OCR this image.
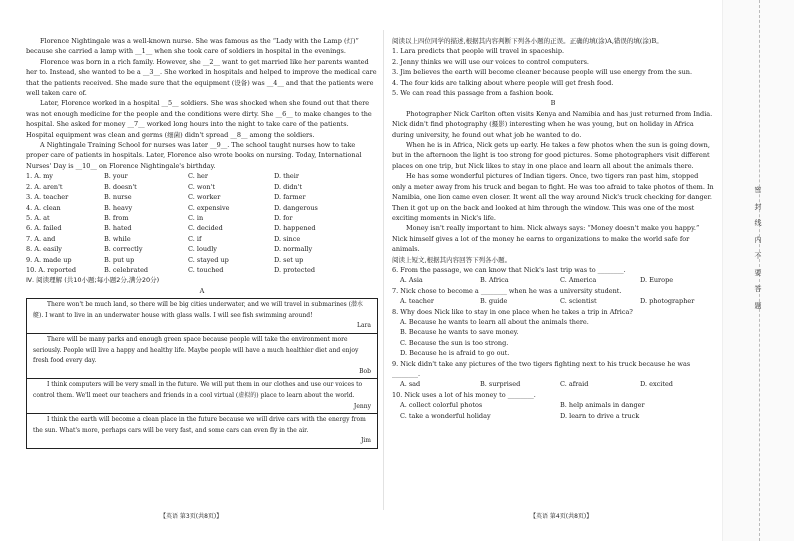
Florence Nightingale was a well-known nurse. She was famous as the “Lady with the Lamp (灯)” because she carried a lamp with __1__ when she took care of soldiers in hospital in the evenings.

Florence was born in a rich family. However, she __2__ want to get married like her parents wanted her to. Instead, she wanted to be a __3__. She worked in hospitals and helped to improve the medical care that the patients received. She made sure that the equipment (设备) was __4__ and that the patients were well taken care of.

Later, Florence worked in a hospital __5__ soldiers. She was shocked when she found out that there was not enough medicine for the people and the conditions were dirty. She __6__ to make changes to the hospital. She asked for money __7__ worked long hours into the night to take care of the patients. Hospital equipment was clean and germs (细菌) didn't spread __8__ among the soldiers.

A Nightingale Training School for nurses was later __9__. The school taught nurses how to take proper care of patients in hospitals. Later, Florence also wrote books on nursing. Today, International Nurses' Day is __10__ on Florence Nightingale's birthday.

1. A. my	B. your	C. her	D. their
2. A. aren't	B. doesn't	C. won't	D. didn't
3. A. teacher	B. nurse	C. worker	D. farmer
4. A. clean	B. heavy	C. expensive	D. dangerous
5. A. at	B. from	C. in	D. for
6. A. failed	B. hated	C. decided	D. happened
7. A. and	B. while	C. if	D. since
8. A. easily	B. correctly	C. loudly	D. normally
9. A. made up	B. put up	C. stayed up	D. set up
10. A. reported	B. celebrated	C. touched	D. protected

Ⅳ. 阅读理解 (共10小题;每小题2分,满分20分)

A

There won't be much land, so there will be big cities underwater, and we will travel in submarines (潜水艇). I want to live in an underwater house with glass walls. I will see fish swimming around!

Lara

There will be many parks and enough green space because people will take the environment more seriously. People will live a happy and healthy life. Maybe people will have a much healthier diet and enjoy fresh food every day.

Bob

I think computers will be very small in the future. We will put them in our clothes and use our voices to control them. We'll meet our teachers and friends in a cool virtual (虚拟的) place to learn about the world.

Jenny

I think the earth will become a clean place in the future because we will drive cars with the energy from the sun. What's more, perhaps cars will be very fast, and some cars can even fly in the air.

Jim

阅读以上四位同学的描述,根据其内容判断下列各小题的正误。正确的填(涂)A,错误的填(涂)B。

1. Lara predicts that people will travel in spaceship.

2. Jenny thinks we will use our voices to control computers.

3. Jim believes the earth will become cleaner because people will use energy from the sun.

4. The four kids are talking about where people will get fresh food.

5. We can read this passage from a fashion book.

B

Photographer Nick Carlton often visits Kenya and Namibia and has just returned from India. Nick didn't find photography (摄影) interesting when he was young, but on holiday in Africa during university, he found out what job he wanted to do.

When he is in Africa, Nick gets up early. He takes a few photos when the sun is going down, but in the afternoon the light is too strong for good pictures. Some photographers visit different places on one trip, but Nick likes to stay in one place and learn all about the animals there.

He has some wonderful pictures of Indian tigers. Once, two tigers ran past him, stopped only a meter away from his truck and began to fight. He was too afraid to take photos of them. In Namibia, one lion came even closer. It went all the way around Nick's truck checking for danger. Then it got up on the back and looked at him through the window. This was one of the most exciting moments in Nick's life.

Money isn't really important to him. Nick always says: “Money doesn't make you happy.” Nick himself gives a lot of the money he earns to organizations to make the world safe for animals.

阅读上短文,根据其内容回答下列各小题。

6. From the passage, we can know that Nick's last trip was to ________.

A. Asia	B. Africa	C. America	D. Europe

7. Nick chose to become a ________ when he was a university student.

A. teacher	B. guide	C. scientist	D. photographer

8. Why does Nick like to stay in one place when he takes a trip in Africa?

A. Because he wants to learn all about the animals there.

B. Because he wants to save money.

C. Because the sun is too strong.

D. Because he is afraid to go out.

9. Nick didn't take any pictures of the two tigers fighting next to his truck because he was ________.

A. sad	B. surprised	C. afraid	D. excited

10. Nick uses a lot of his money to ________.

A. collect colorful photos	B. help animals in danger
C. take a wonderful holiday	D. learn to drive a truck
【英语 第3页(共8页)】	【英语 第4页(共8页)】
密 封 线 内 不 要 答 题
